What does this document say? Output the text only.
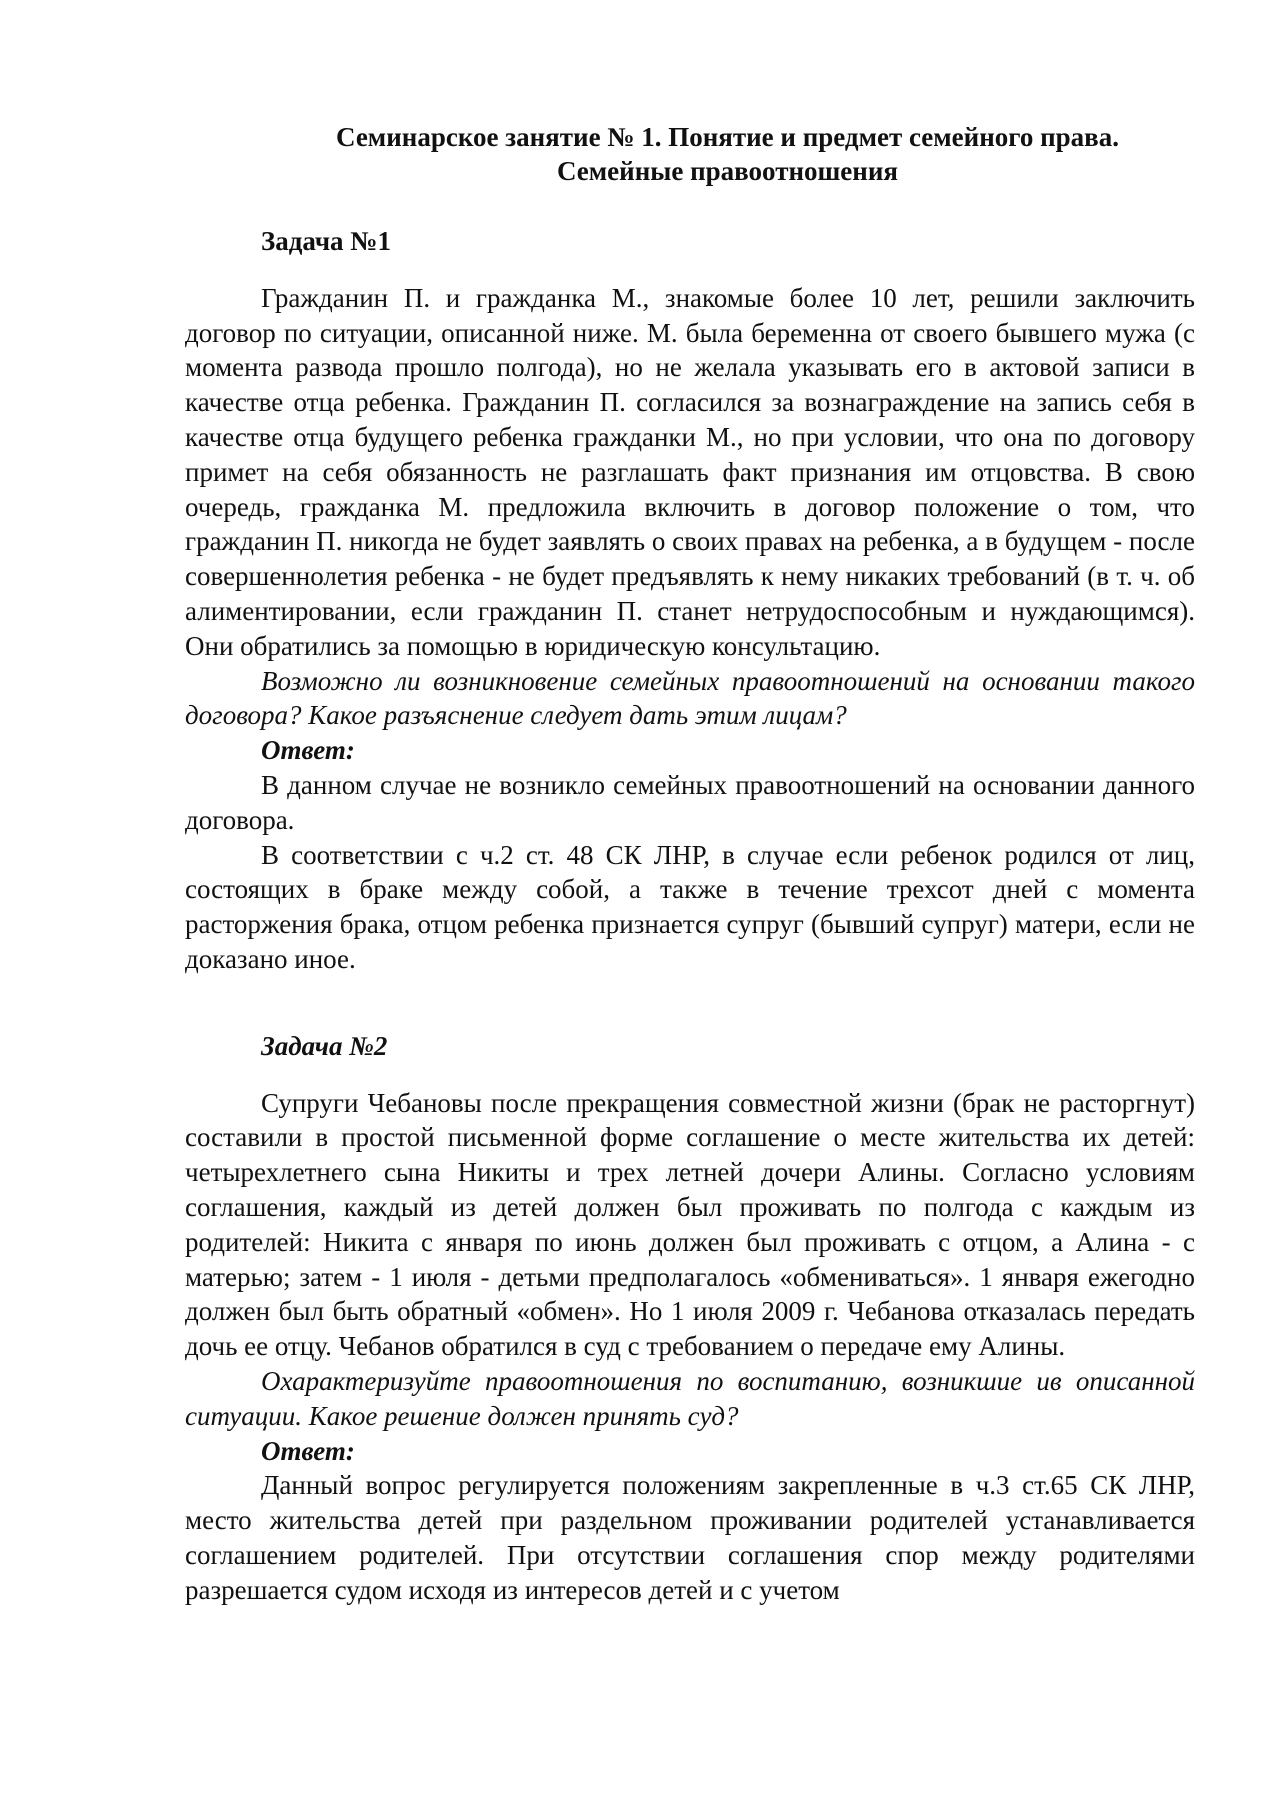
Семинарское занятие № 1. Понятие и предмет семейного права.
Семейные правоотношения
Задача №1

Гражданин П. и гражданка М., знакомые более 10 лет, решили заключить договор по ситуации, описанной ниже. М. была беременна от своего бывшего мужа (с момента развода прошло полгода), но не желала указывать его в актовой записи в качестве отца ребенка. Гражданин П. согласился за вознаграждение на запись себя в качестве отца будущего ребенка гражданки М., но при условии, что она по договору примет на себя обязанность не разглашать факт признания им отцовства. В свою очередь, гражданка М. предложила включить в договор положение о том, что гражданин П. никогда не будет заявлять о своих правах на ребенка, а в будущем - после совершеннолетия ребенка - не будет предъявлять к нему никаких требований (в т. ч. об алиментировании, если гражданин П. станет нетрудоспособным и нуждающимся). Они обратились за помощью в юридическую консультацию.

Возможно ли возникновение семейных правоотношений на основании такого договора? Какое разъяснение следует дать этим лицам?

Ответ:

В данном случае не возникло семейных правоотношений на основании данного договора.

В соответствии с ч.2 ст. 48 СК ЛНР, в случае если ребенок родился от лиц, состоящих в браке между собой, а также в течение трехсот дней с момента расторжения брака, отцом ребенка признается супруг (бывший супруг) матери, если не доказано иное.

Задача №2

Супруги Чебановы после прекращения совместной жизни (брак не расторгнут) составили в простой письменной форме соглашение о месте жительства их детей: четырехлетнего сына Никиты и трех летней дочери Алины. Согласно условиям соглашения, каждый из детей должен был проживать по полгода с каждым из родителей: Никита с января по июнь должен был проживать с отцом, а Алина - с матерью; затем - 1 июля - детьми предполагалось «обмениваться». 1 января ежегодно должен был быть обратный «обмен». Но 1 июля 2009 г. Чебанова отказалась передать дочь ее отцу. Чебанов обратился в суд с требованием о передаче ему Алины.

Охарактеризуйте правоотношения по воспитанию, возникшие ив описанной ситуации. Какое решение должен принять суд?

Ответ:

Данный вопрос регулируется положениям закрепленные в ч.3 ст.65 СК ЛНР, место жительства детей при раздельном проживании родителей устанавливается соглашением родителей. При отсутствии соглашения спор между родителями разрешается судом исходя из интересов детей и с учетом
